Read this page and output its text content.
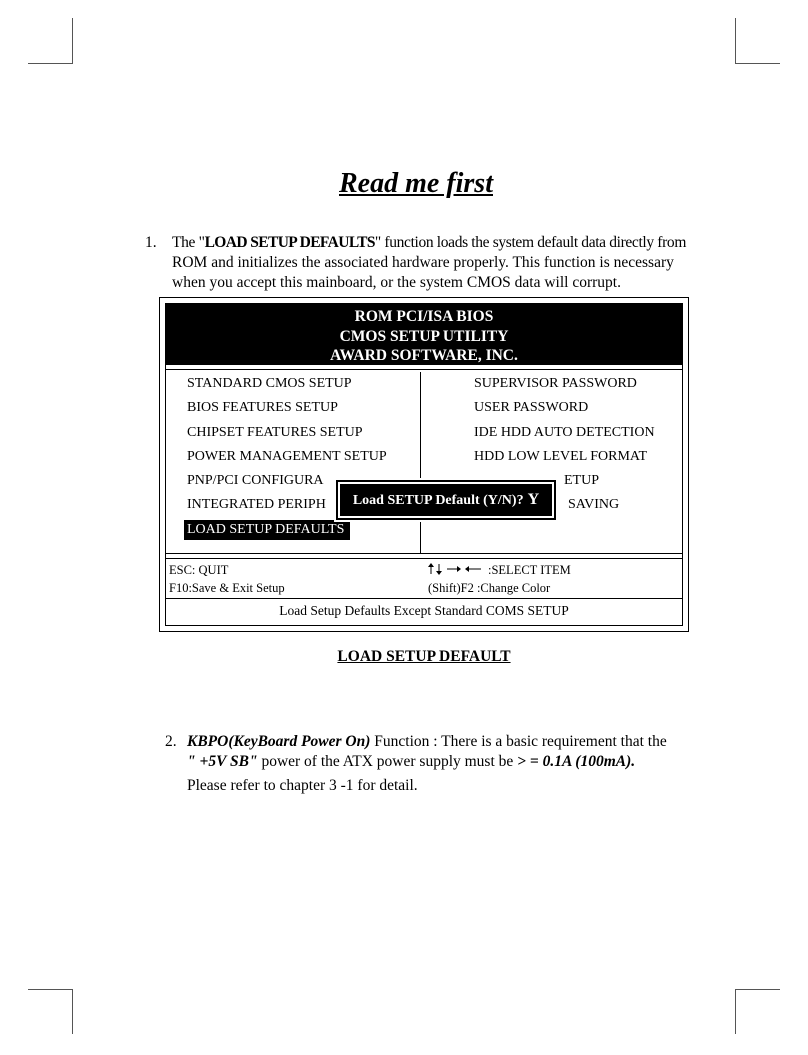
Read me first
1. The "LOAD SETUP DEFAULTS" function loads the system default data directly from
ROM and initializes the associated hardware properly. This function is necessary
when you accept this mainboard, or the system CMOS data will corrupt.
ROM PCI/ISA BIOS
CMOS SETUP UTILITY
AWARD SOFTWARE, INC.
STANDARD CMOS SETUP
BIOS FEATURES SETUP
CHIPSET FEATURES SETUP
POWER MANAGEMENT SETUP
PNP/PCI CONFIGURA
INTEGRATED PERIPH
LOAD SETUP DEFAULTS
SUPERVISOR PASSWORD
USER PASSWORD
IDE HDD AUTO DETECTION
HDD LOW LEVEL FORMAT
ETUP
SAVING
Load SETUP Default (Y/N)? Y
ESC: QUIT
F10:Save & Exit Setup
:SELECT ITEM
(Shift)F2 :Change Color
Load Setup Defaults Except Standard COMS SETUP
LOAD SETUP DEFAULT
2. KBPO(KeyBoard Power On) Function : There is a basic requirement that the
" +5V SB" power of the ATX power supply must be > = 0.1A (100mA).
Please refer to chapter 3 -1 for detail.
